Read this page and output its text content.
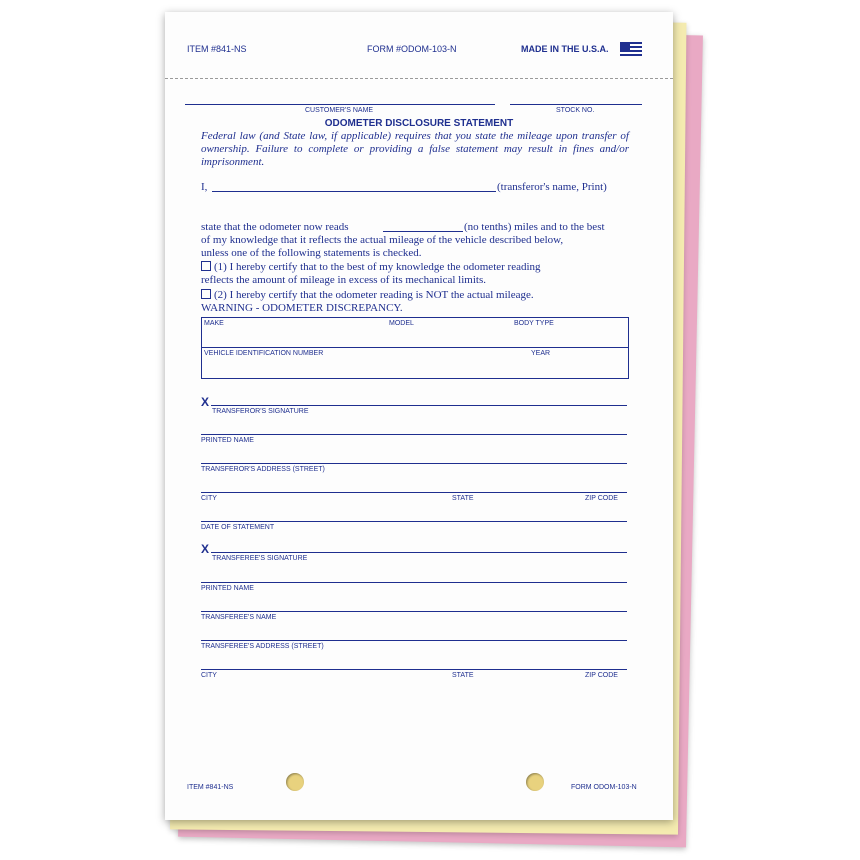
ITEM #841-NS	FORM #ODOM-103-N	MADE IN THE U.S.A.
CUSTOMER'S NAME	STOCK NO.
ODOMETER DISCLOSURE STATEMENT
Federal law (and State law, if applicable) requires that you state the mileage upon transfer of ownership. Failure to complete or providing a false statement may result in fines and/or imprisonment.
I,	(transferor's name, Print)
state that the odometer now reads	(no tenths) miles and to the best
of my knowledge that it reflects the actual mileage of the vehicle described below,
unless one of the following statements is checked.
(1) I hereby certify that to the best of my knowledge the odometer reading
reflects the amount of mileage in excess of its mechanical limits.
(2) I hereby certify that the odometer reading is NOT the actual mileage.
WARNING - ODOMETER DISCREPANCY.
MAKE	MODEL	BODY TYPE
VEHICLE IDENTIFICATION NUMBER	YEAR
X
TRANSFEROR'S SIGNATURE
PRINTED NAME
TRANSFEROR'S ADDRESS (STREET)
CITY	STATE	ZIP CODE
DATE OF STATEMENT
X
TRANSFEREE'S SIGNATURE
PRINTED NAME
TRANSFEREE'S NAME
TRANSFEREE'S ADDRESS (STREET)
CITY	STATE	ZIP CODE
ITEM #841-NS	FORM ODOM-103-N
